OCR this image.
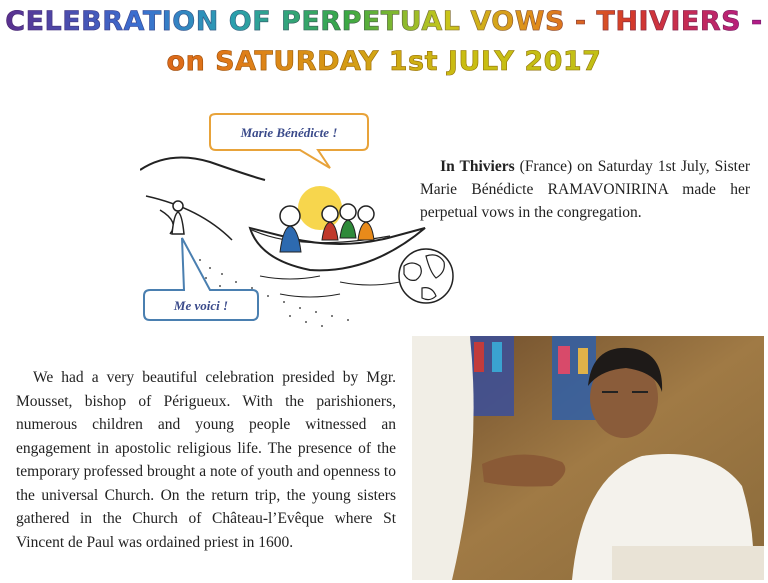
CELEBRATION OF PERPETUAL VOWS - THIVIERS -
on SATURDAY 1st JULY 2017
Marie Bénédicte !
Me voici !

In Thiviers (France) on Saturday 1st July, Sister Marie Bénédicte RAMAVONIRINA made her perpetual vows in the congregation.

We had a very beautiful celebration presided by Mgr. Mousset, bishop of Périgueux. With the parishioners, numerous children and young people witnessed an engagement in apostolic religious life. The presence of the temporary professed brought a note of youth and openness to the universal Church. On the return trip, the young sisters gathered in the Church of Château-l’Evêque where St Vincent de Paul was ordained priest in 1600.
